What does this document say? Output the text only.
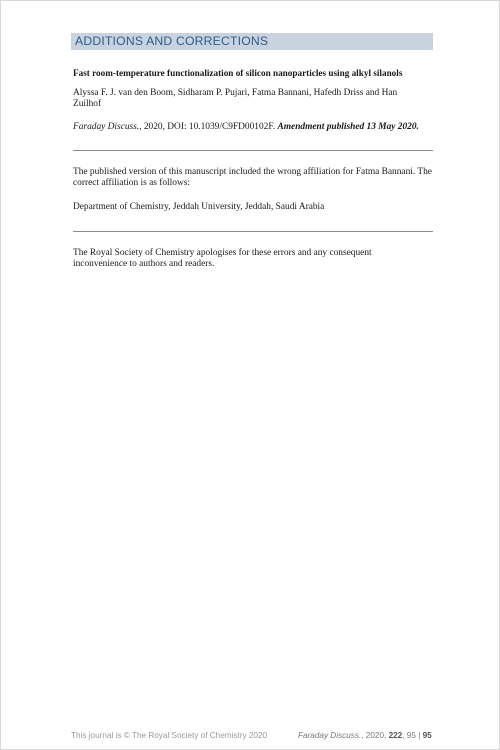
ADDITIONS AND CORRECTIONS
Fast room-temperature functionalization of silicon nanoparticles using alkyl silanols
Alyssa F. J. van den Boom, Sidharam P. Pujari, Fatma Bannani, Hafedh Driss and Han Zuilhof
Faraday Discuss., 2020, DOI: 10.1039/C9FD00102F. Amendment published 13 May 2020.
The published version of this manuscript included the wrong affiliation for Fatma Bannani. The correct affiliation is as follows:
Department of Chemistry, Jeddah University, Jeddah, Saudi Arabia
The Royal Society of Chemistry apologises for these errors and any consequent inconvenience to authors and readers.
This journal is © The Royal Society of Chemistry 2020	Faraday Discuss., 2020, 222, 95 | 95
